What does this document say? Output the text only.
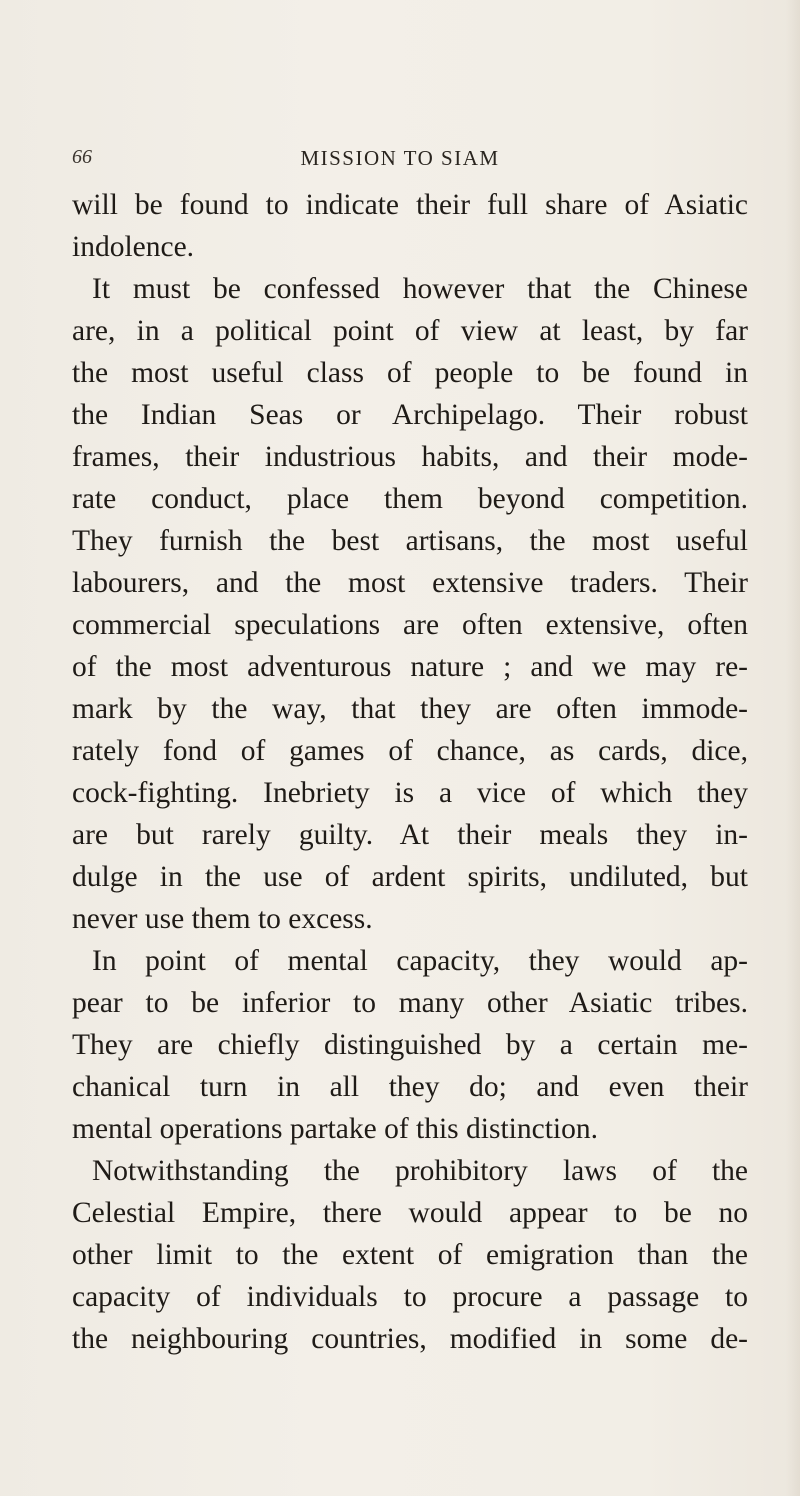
66	MISSION TO SIAM
will be found to indicate their full share of Asiatic
indolence.
It must be confessed however that the Chinese
are, in a political point of view at least, by far
the most useful class of people to be found in
the Indian Seas or Archipelago. Their robust
frames, their industrious habits, and their mode-
rate conduct, place them beyond competition.
They furnish the best artisans, the most useful
labourers, and the most extensive traders. Their
commercial speculations are often extensive, often
of the most adventurous nature ; and we may re-
mark by the way, that they are often immode-
rately fond of games of chance, as cards, dice,
cock-fighting. Inebriety is a vice of which they
are but rarely guilty. At their meals they in-
dulge in the use of ardent spirits, undiluted, but
never use them to excess.
In point of mental capacity, they would ap-
pear to be inferior to many other Asiatic tribes.
They are chiefly distinguished by a certain me-
chanical turn in all they do; and even their
mental operations partake of this distinction.
Notwithstanding the prohibitory laws of the
Celestial Empire, there would appear to be no
other limit to the extent of emigration than the
capacity of individuals to procure a passage to
the neighbouring countries, modified in some de-
